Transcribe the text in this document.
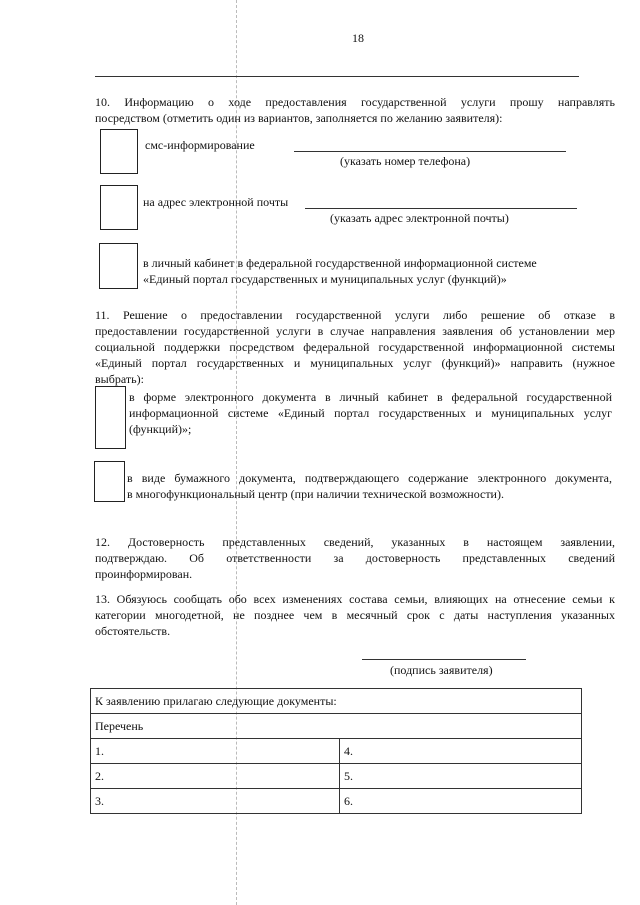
18
10. Информацию о ходе предоставления государственной услуги прошу направлять
посредством (отметить один из вариантов, заполняется по желанию заявителя):
смс-информирование
(указать номер телефона)
на адрес электронной почты
(указать адрес электронной почты)
в личный кабинет в федеральной государственной информационной системе
«Единый портал государственных и муниципальных услуг (функций)»
11. Решение о предоставлении государственной услуги либо решение об отказе в
предоставлении государственной услуги в случае направления заявления об установлении мер
социальной поддержки посредством федеральной государственной информационной системы
«Единый портал государственных и муниципальных услуг (функций)» направить (нужное
выбрать):
в форме электронного документа в личный кабинет в федеральной государственной
информационной системе «Единый портал государственных и муниципальных услуг
(функций)»;
в виде бумажного документа, подтверждающего содержание электронного документа,
в многофункциональный центр (при наличии технической возможности).
12. Достоверность представленных сведений, указанных в настоящем заявлении,
подтверждаю. Об ответственности за достоверность представленных сведений
проинформирован.
13. Обязуюсь сообщать обо всех изменениях состава семьи, влияющих на отнесение семьи к
категории многодетной, не позднее чем в месячный срок с даты наступления указанных
обстоятельств.
(подпись заявителя)
К заявлению прилагаю следующие документы:	
Перечень	
1.	4.
2.	5.
3.	6.
